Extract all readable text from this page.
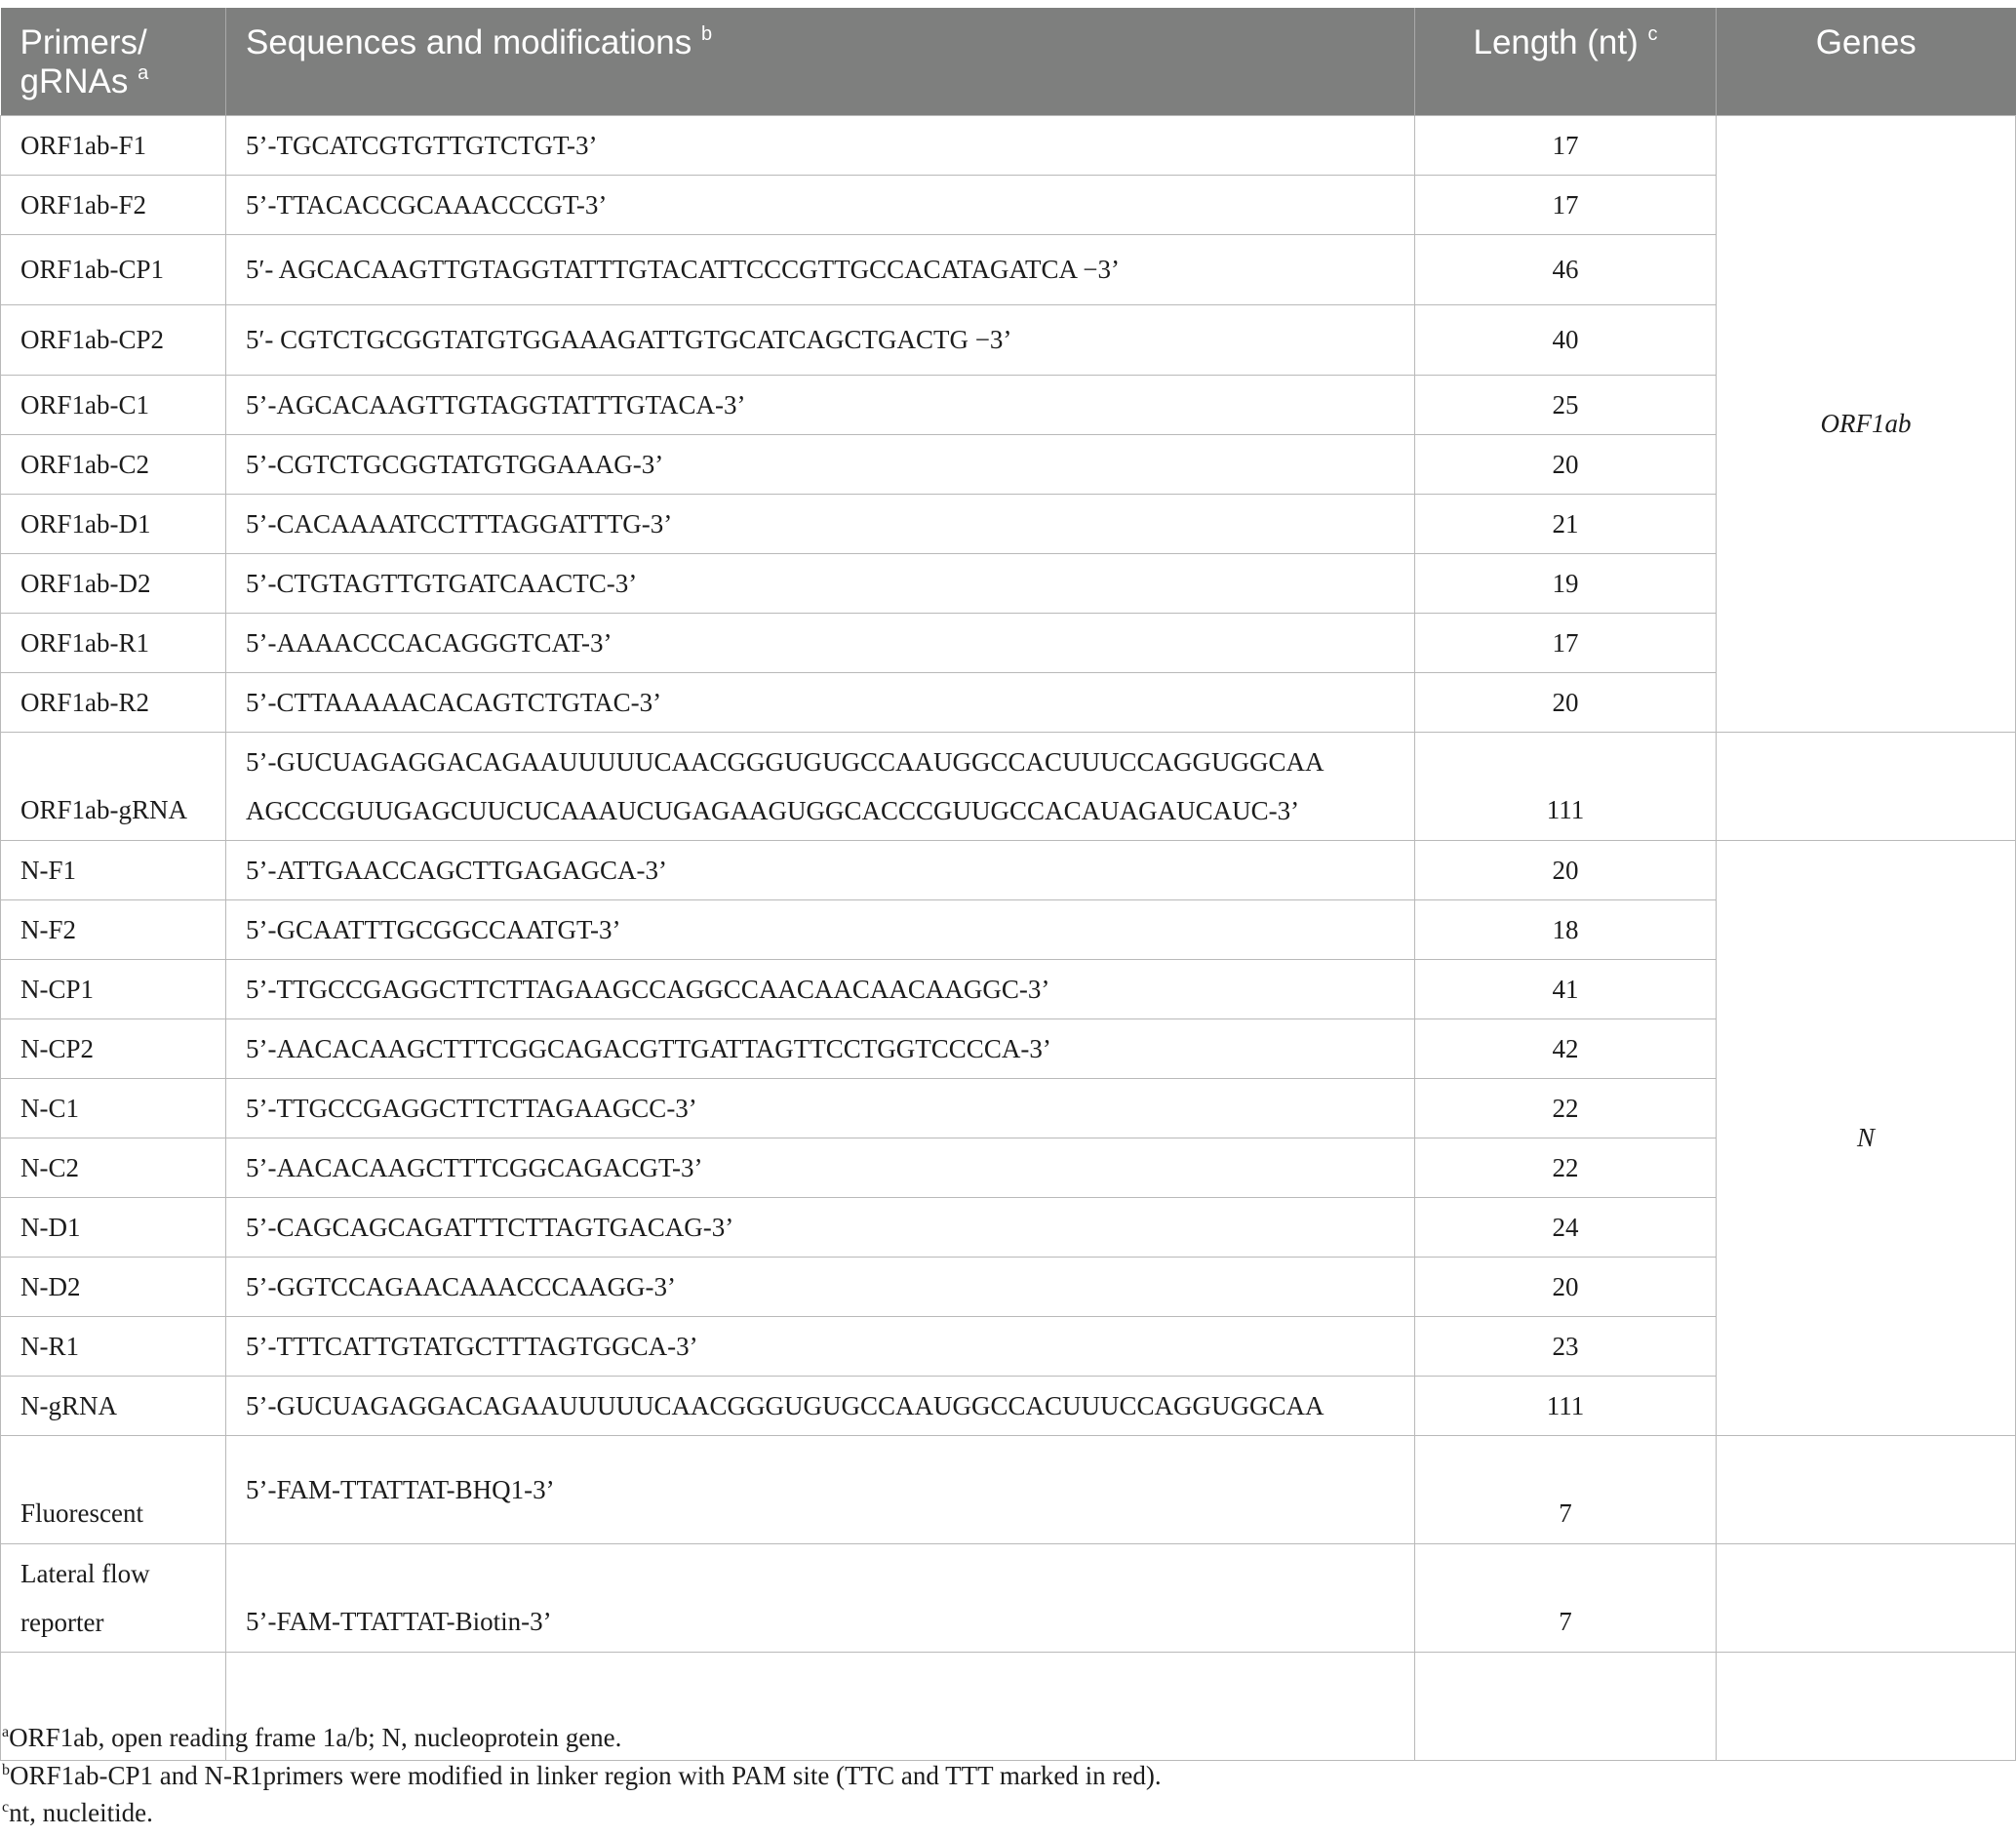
Primers/ gRNAs $^a$	Sequences and modifications $^b$	Length (nt) $^c$	Genes
ORF1ab-F1	5’-TGCATCGTGTTGTCTGT-3’	17	ORF1ab
ORF1ab-F2	5’-TTACACCGCAAACCCGT-3’	17	
ORF1ab-CP1	5′- AGCACAAGTTGTAGGTATTTGTACATTCCCGTTGCCACATAGATCA −3’	46	
ORF1ab-CP2	5′- CGTCTGCGGTATGTGGAAAGATTGTGCATCAGCTGACTG −3’	40	
ORF1ab-C1	5’-AGCACAAGTTGTAGGTATTTGTACA-3’	25	
ORF1ab-C2	5’-CGTCTGCGGTATGTGGAAAG-3’	20	
ORF1ab-D1	5’-CACAAAATCCTTTAGGATTTG-3’	21	
ORF1ab-D2	5’-CTGTAGTTGTGATCAACTC-3’	19	
ORF1ab-R1	5’-AAAACCCACAGGGTCAT-3’	17	
ORF1ab-R2	5’-CTTAAAAACACAGTCTGTAC-3’	20	
ORF1ab-gRNA	5’-GUCUAGAGGACAGAAUUUUUCAACGGGUGUGCCAAUGGCCACUUUCCAGGUGGCAA
AGCCCGUUGAGCUUCUCAAAUCUGAGAAGUGGCACCCGUUGCCACAUAGAUCAUC-3’	111	
N-F1	5’-ATTGAACCAGCTTGAGAGCA-3’	20	N
N-F2	5’-GCAATTTGCGGCCAATGT-3’	18	
N-CP1	5’-TTGCCGAGGCTTCTTAGAAGCCAGGCCAACAACAACAAGGC-3’	41	
N-CP2	5’-AACACAAGCTTTCGGCAGACGTTGATTAGTTCCTGGTCCCCA-3’	42	
N-C1	5’-TTGCCGAGGCTTCTTAGAAGCC-3’	22	
N-C2	5’-AACACAAGCTTTCGGCAGACGT-3’	22	
N-D1	5’-CAGCAGCAGATTTCTTAGTGACAG-3’	24	
N-D2	5’-GGTCCAGAACAAACCCAAGG-3’	20	
N-R1	5’-TTTCATTGTATGCTTTAGTGGCA-3’	23	
N-gRNA	5’-GUCUAGAGGACAGAAUUUUUCAACGGGUGUGCCAAUGGCCACUUUCCAGGUGGCAA	111	
Fluorescent	5’-FAM-TTATTAT-BHQ1-3’	7	

Lateral flow
reporter	5’-FAM-TTATTAT-Biotin-3’	7	

$^a$ORF1ab, open reading frame 1a/b; N, nucleoprotein gene.
$^b$ORF1ab-CP1 and N-R1primers were modified in linker region with PAM site (TTC and TTT marked in red).
$^c$nt, nucleitide.
